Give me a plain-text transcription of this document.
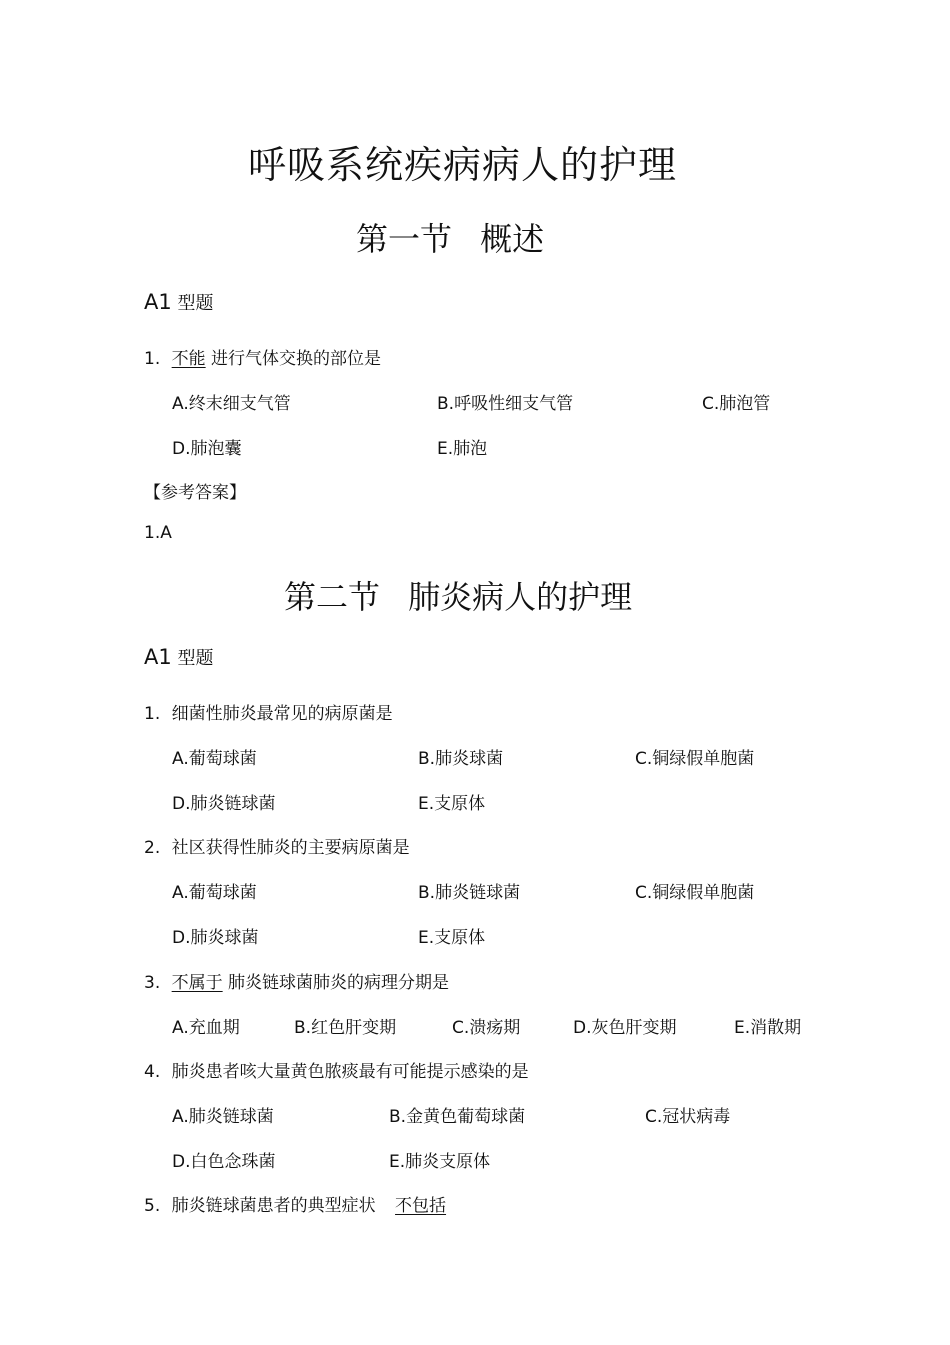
呼吸系统疾病病人的护理
第一节 概述
A1 型题
1. 不能 进行气体交换的部位是
A.终末细支气管	B.呼吸性细支气管	C.肺泡管
D.肺泡囊	E.肺泡
【参考答案】
1.A
第二节 肺炎病人的护理
A1 型题
1. 细菌性肺炎最常见的病原菌是
A.葡萄球菌	B.肺炎球菌	C.铜绿假单胞菌
D.肺炎链球菌	E.支原体
2. 社区获得性肺炎的主要病原菌是
A.葡萄球菌	B.肺炎链球菌	C.铜绿假单胞菌
D.肺炎球菌	E.支原体
3. 不属于 肺炎链球菌肺炎的病理分期是
A.充血期	B.红色肝变期	C.溃疡期	D.灰色肝变期	E.消散期
4. 肺炎患者咳大量黄色脓痰最有可能提示感染的是
A.肺炎链球菌	B.金黄色葡萄球菌	C.冠状病毒
D.白色念珠菌	E.肺炎支原体
5. 肺炎链球菌患者的典型症状 不包括
